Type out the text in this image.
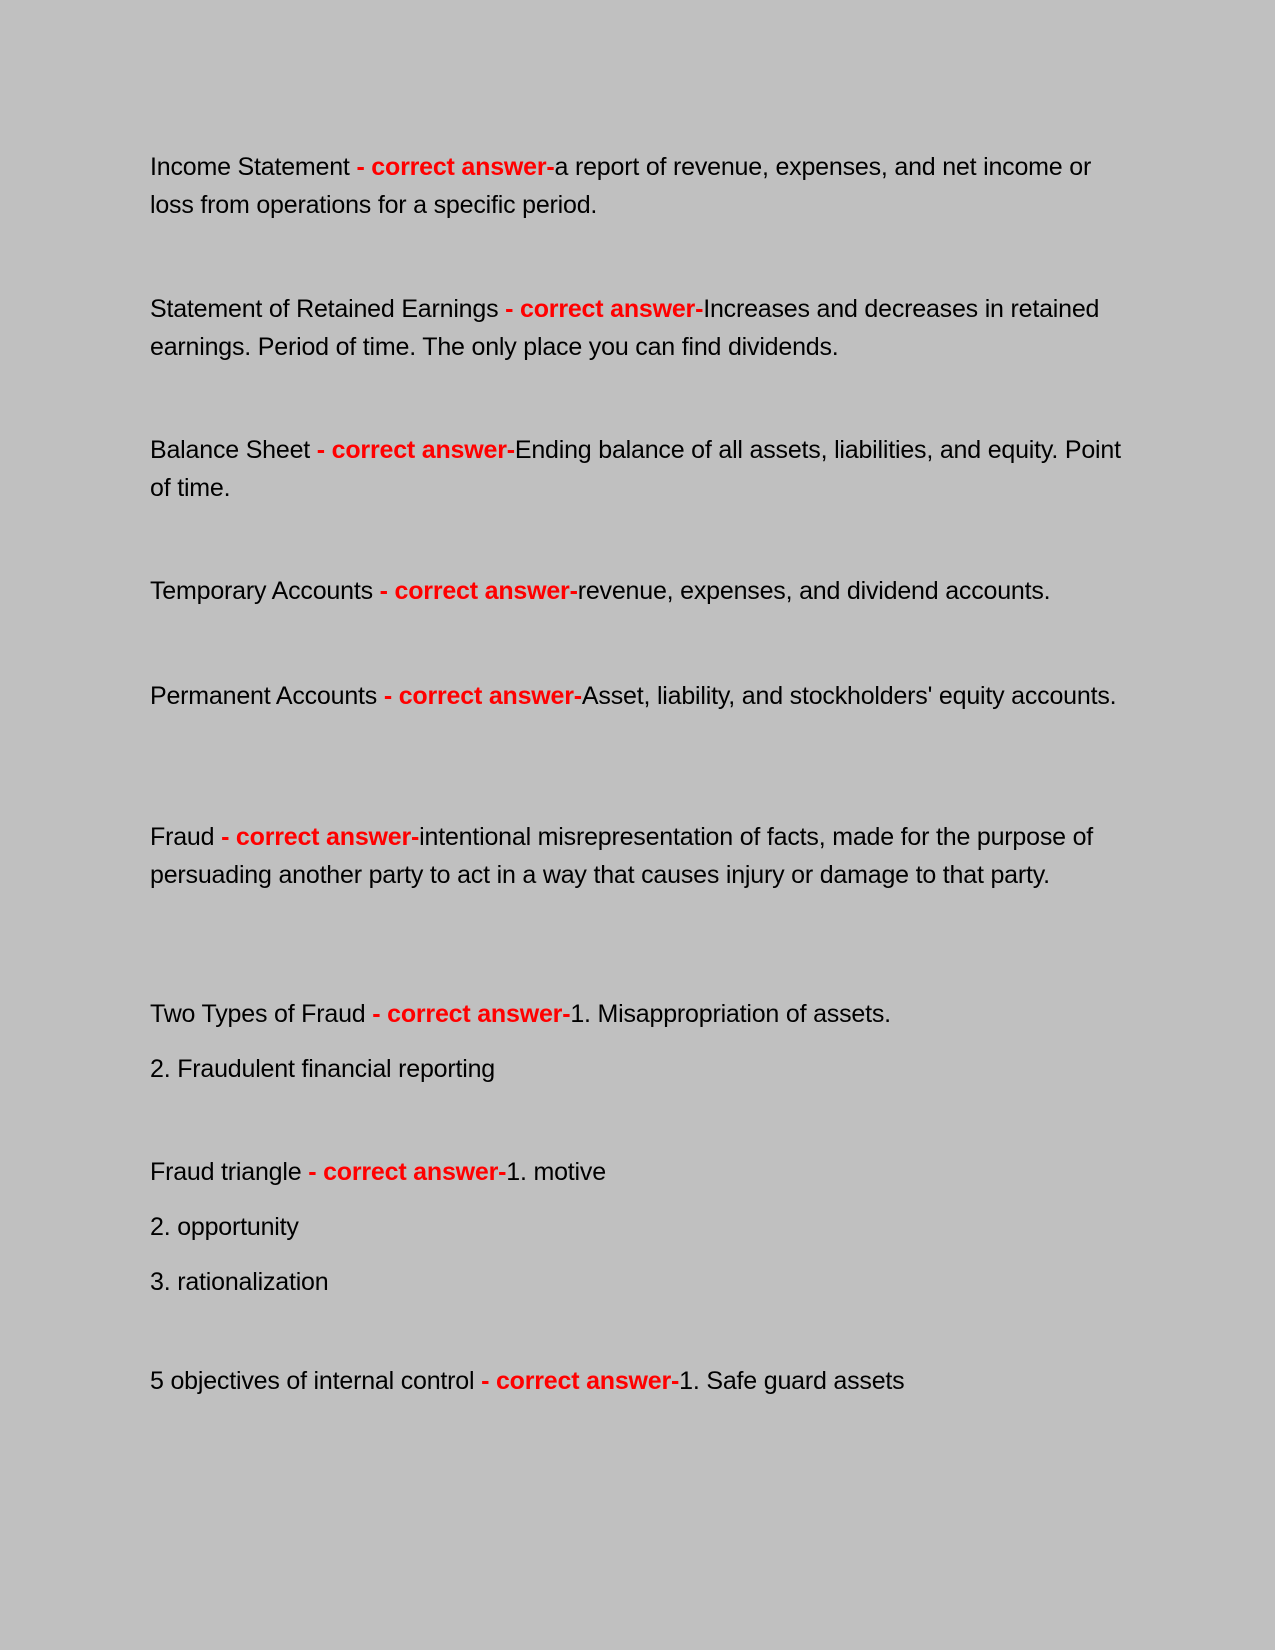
Income Statement - correct answer-a report of revenue, expenses, and net income or loss from operations for a specific period.

Statement of Retained Earnings - correct answer-Increases and decreases in retained earnings. Period of time. The only place you can find dividends.

Balance Sheet - correct answer-Ending balance of all assets, liabilities, and equity. Point of time.

Temporary Accounts - correct answer-revenue, expenses, and dividend accounts.

Permanent Accounts - correct answer-Asset, liability, and stockholders' equity accounts.

Fraud - correct answer-intentional misrepresentation of facts, made for the purpose of persuading another party to act in a way that causes injury or damage to that party.

Two Types of Fraud - correct answer-1. Misappropriation of assets.

2. Fraudulent financial reporting

Fraud triangle - correct answer-1. motive

2. opportunity

3. rationalization

5 objectives of internal control - correct answer-1. Safe guard assets
